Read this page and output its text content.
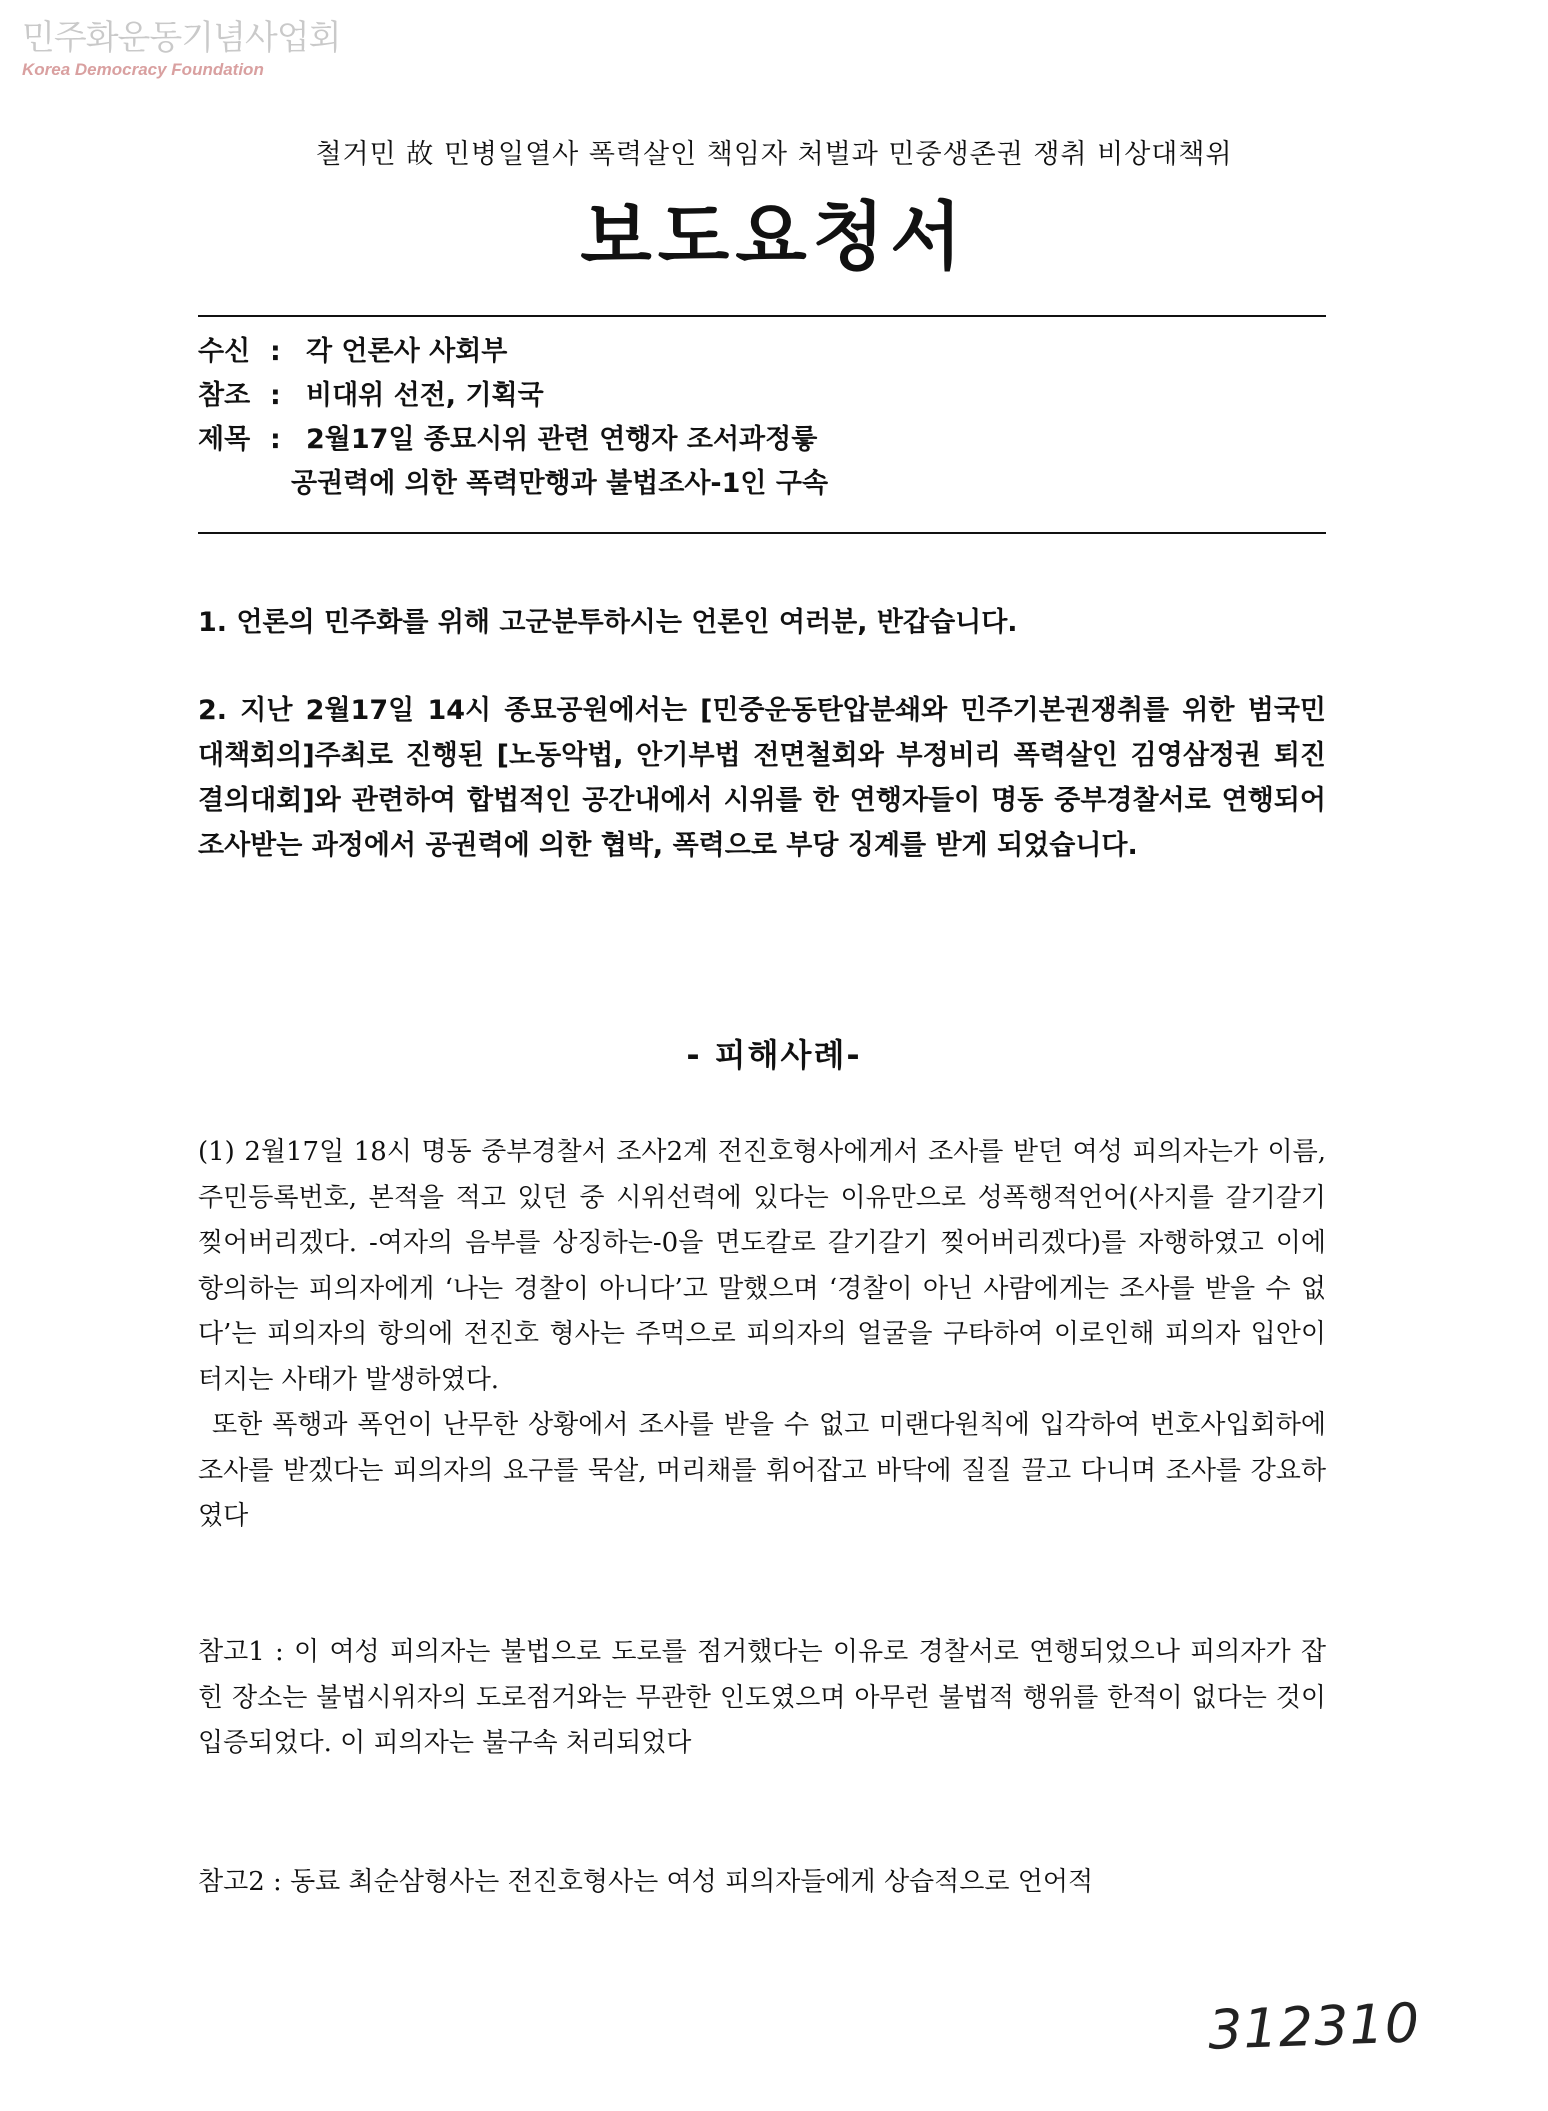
민주화운동기념사업회
Korea Democracy Foundation
철거민 故 민병일열사 폭력살인 책임자 처벌과 민중생존권 쟁취 비상대책위
보도요청서
수신 : 각 언론사 사회부
참조 : 비대위 선전, 기획국
제목 : 2월17일 종묘시위 관련 연행자 조서과정릏
공권력에 의한 폭력만행과 불법조사-1인 구속

1. 언론의 민주화를 위해 고군분투하시는 언론인 여러분, 반갑습니다.

2. 지난 2월17일 14시 종묘공원에서는 [민중운동탄압분쇄와 민주기본권쟁취를 위한 범국민 대책회의]주최로 진행된 [노동악법, 안기부법 전면철회와 부정비리 폭력살인 김영삼정권 퇴진 결의대회]와 관련하여 합법적인 공간내에서 시위를 한 연행자들이 명동 중부경찰서로 연행되어 조사받는 과정에서 공권력에 의한 협박, 폭력으로 부당 징계를 받게 되었습니다.

- 피해사례-

(1) 2월17일 18시 명동 중부경찰서 조사2계 전진호형사에게서 조사를 받던 여성 피의자는가 이름, 주민등록번호, 본적을 적고 있던 중 시위선력에 있다는 이유만으로 성폭행적언어(사지를 갈기갈기 찢어버리겠다. -여자의 음부를 상징하는-0을 면도칼로 갈기갈기 찢어버리겠다)를 자행하였고 이에 항의하는 피의자에게 ‘나는 경찰이 아니다’고 말했으며 ‘경찰이 아닌 사람에게는 조사를 받을 수 없다’는 피의자의 항의에 전진호 형사는 주먹으로 피의자의 얼굴을 구타하여 이로인해 피의자 입안이 터지는 사태가 발생하였다.

또한 폭행과 폭언이 난무한 상황에서 조사를 받을 수 없고 미랜다원칙에 입각하여 번호사입회하에 조사를 받겠다는 피의자의 요구를 묵살, 머리채를 휘어잡고 바닥에 질질 끌고 다니며 조사를 강요하였다

참고1 : 이 여성 피의자는 불법으로 도로를 점거했다는 이유로 경찰서로 연행되었으나 피의자가 잡힌 장소는 불법시위자의 도로점거와는 무관한 인도였으며 아무런 불법적 행위를 한적이 없다는 것이 입증되었다. 이 피의자는 불구속 처리되었다

참고2 : 동료 최순삼형사는 전진호형사는 여성 피의자들에게 상습적으로 언어적

312310
